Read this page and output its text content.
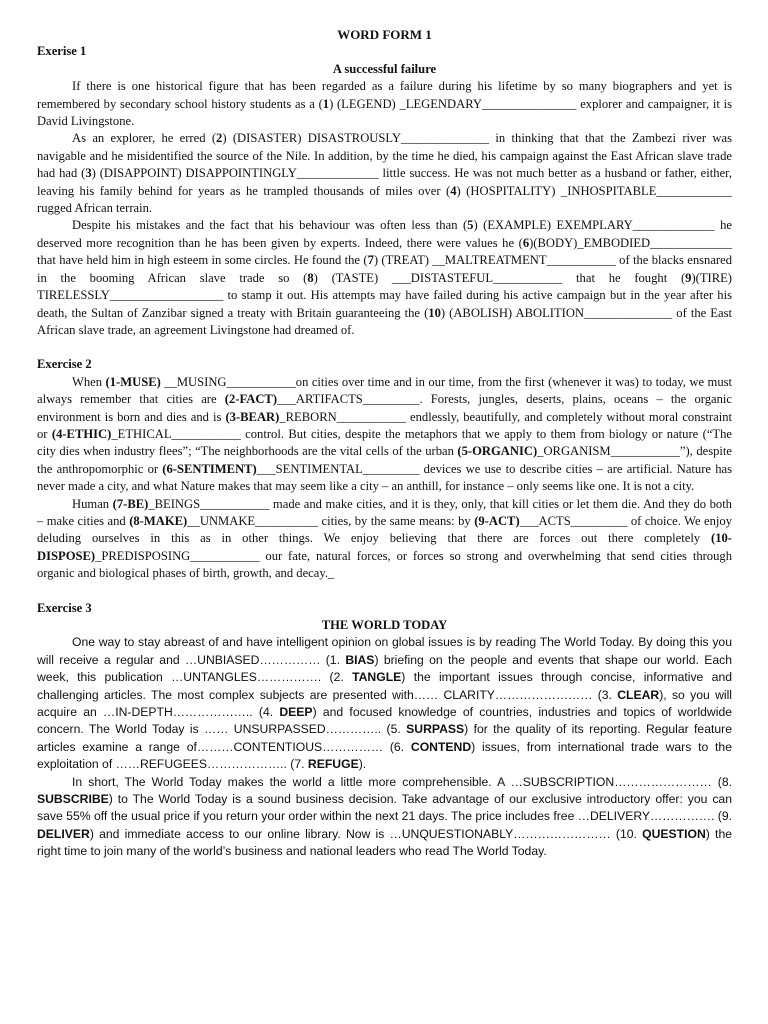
WORD FORM 1
Exerise 1
A successful failure

If there is one historical figure that has been regarded as a failure during his lifetime by so many biographers and yet is remembered by secondary school history students as a (1) (LEGEND) _LEGENDARY_______________ explorer and campaigner, it is David Livingstone.

As an explorer, he erred (2) (DISASTER) DISASTROUSLY______________ in thinking that that the Zambezi river was navigable and he misidentified the source of the Nile. In addition, by the time he died, his campaign against the East African slave trade had had (3) (DISAPPOINT) DISAPPOINTINGLY_____________ little success. He was not much better as a husband or father, either, leaving his family behind for years as he trampled thousands of miles over (4) (HOSPITALITY) _INHOSPITABLE____________ rugged African terrain.

Despite his mistakes and the fact that his behaviour was often less than (5) (EXAMPLE) EXEMPLARY_____________ he deserved more recognition than he has been given by experts. Indeed, there were values he (6)(BODY)_EMBODIED_____________ that have held him in high esteem in some circles. He found the (7) (TREAT) __MALTREATMENT___________ of the blacks ensnared in the booming African slave trade so (8) (TASTE) ___DISTASTEFUL___________ that he fought (9)(TIRE) TIRELESSLY__________________ to stamp it out. His attempts may have failed during his active campaign but in the year after his death, the Sultan of Zanzibar signed a treaty with Britain guaranteeing the (10) (ABOLISH) ABOLITION______________ of the East African slave trade, an agreement Livingstone had dreamed of.

Exercise 2

When (1-MUSE) __MUSING___________on cities over time and in our time, from the first (whenever it was) to today, we must always remember that cities are (2-FACT)___ARTIFACTS_________. Forests, jungles, deserts, plains, oceans – the organic environment is born and dies and is (3-BEAR)_REBORN___________ endlessly, beautifully, and completely without moral constraint or (4-ETHIC)_ETHICAL___________ control. But cities, despite the metaphors that we apply to them from biology or nature (“The city dies when industry flees”; “The neighborhoods are the vital cells of the urban (5-ORGANIC)_ORGANISM___________”), despite the anthropomorphic or (6-SENTIMENT)___SENTIMENTAL_________ devices we use to describe cities – are artificial. Nature has never made a city, and what Nature makes that may seem like a city – an anthill, for instance – only seems like one. It is not a city.

Human (7-BE)_BEINGS___________ made and make cities, and it is they, only, that kill cities or let them die. And they do both – make cities and (8-MAKE)__UNMAKE__________ cities, by the same means: by (9-ACT)___ACTS_________ of choice. We enjoy deluding ourselves in this as in other things. We enjoy believing that there are forces out there completely (10-DISPOSE)_PREDISPOSING___________ our fate, natural forces, or forces so strong and overwhelming that send cities through organic and biological phases of birth, growth, and decay._

Exercise 3
THE WORLD TODAY

One way to stay abreast of and have intelligent opinion on global issues is by reading The World Today. By doing this you will receive a regular and …UNBIASED…………… (1. BIAS) briefing on the people and events that shape our world. Each week, this publication …UNTANGLES……………. (2. TANGLE) the important issues through concise, informative and challenging articles. The most complex subjects are presented with…… CLARITY…………………… (3. CLEAR), so you will acquire an …IN-DEPTH……………….. (4. DEEP) and focused knowledge of countries, industries and topics of worldwide concern. The World Today is …… UNSURPASSED………….. (5. SURPASS) for the quality of its reporting. Regular feature articles examine a range of………CONTENTIOUS…………… (6. CONTEND) issues, from international trade wars to the exploitation of ……REFUGEES……………….. (7. REFUGE).

In short, The World Today makes the world a little more comprehensible. A …SUBSCRIPTION…………………… (8. SUBSCRIBE) to The World Today is a sound business decision. Take advantage of our exclusive introductory offer: you can save 55% off the usual price if you return your order within the next 21 days. The price includes free …DELIVERY……………. (9. DELIVER) and immediate access to our online library. Now is …UNQUESTIONABLY…………………… (10. QUESTION) the right time to join many of the world’s business and national leaders who read The World Today.
